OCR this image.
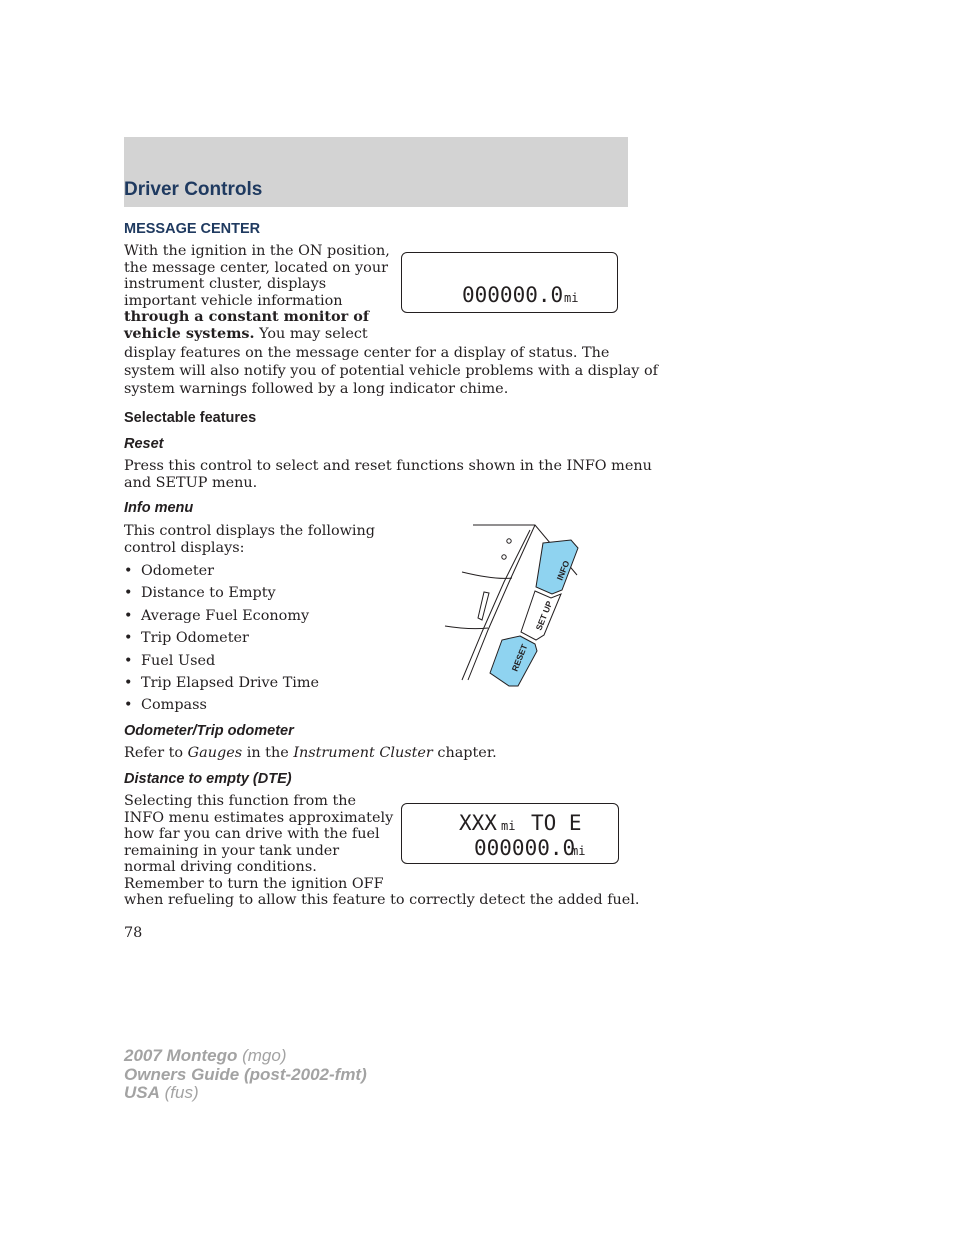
Driver Controls
MESSAGE CENTER
With the ignition in the ON position,
the message center, located on your
instrument cluster, displays
important vehicle information
through a constant monitor of
vehicle systems. You may select
display features on the message center for a display of status. The
system will also notify you of potential vehicle problems with a display of
system warnings followed by a long indicator chime.
000000.0 mi
Selectable features
Reset
Press this control to select and reset functions shown in the INFO menu
and SETUP menu.
Info menu
This control displays the following
control displays:
• Odometer
• Distance to Empty
• Average Fuel Economy
• Trip Odometer
• Fuel Used
• Trip Elapsed Drive Time
• Compass
INFO
SET UP
RESET
Odometer/Trip odometer
Refer to Gauges in the Instrument Cluster chapter.
Distance to empty (DTE)
Selecting this function from the
INFO menu estimates approximately
how far you can drive with the fuel
remaining in your tank under
normal driving conditions.
Remember to turn the ignition OFF
when refueling to allow this feature to correctly detect the added fuel.
XXX mi TO E
000000.0
mi
78
2007 Montego (mgo)
Owners Guide (post-2002-fmt)
USA (fus)
